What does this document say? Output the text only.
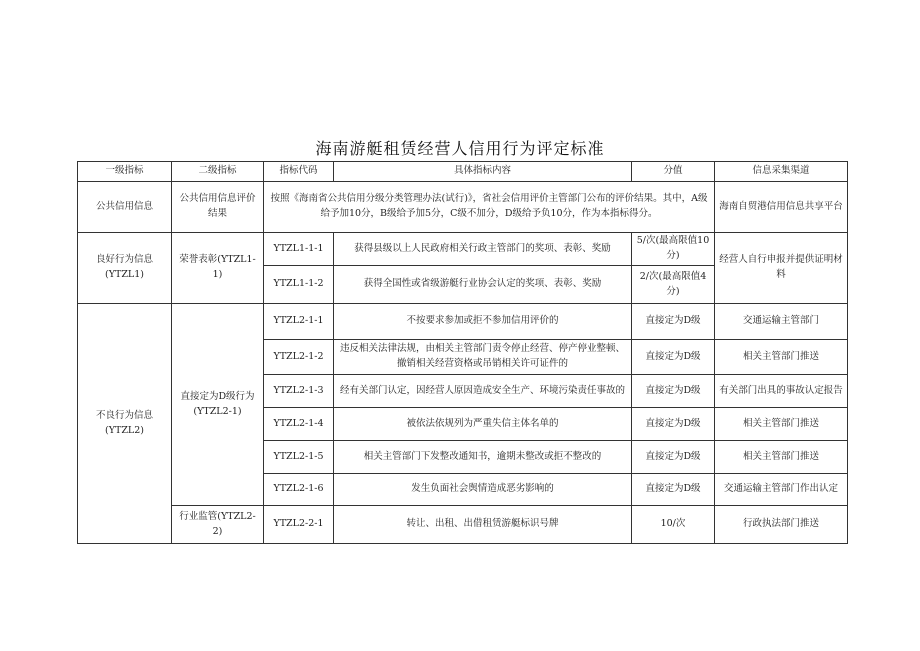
海南游艇租赁经营人信用行为评定标准
一级指标	二级指标	指标代码	具体指标内容	分值	信息采集渠道
公共信用信息	公共信用信息评价结果	按照《海南省公共信用分级分类管理办法(试行)》，省社会信用评价主管部门公布的评价结果。其中，A级给予加10分，B级给予加5分，C级不加分，D级给予负10分，作为本指标得分。			海南自贸港信用信息共享平台
良好行为信息(YTZL1)	荣誉表彰(YTZL1-1)	YTZL1-1-1	获得县级以上人民政府相关行政主管部门的奖项、表彰、奖励	5/次(最高限值10分)	经营人自行申报并提供证明材料
		YTZL1-1-2	获得全国性或省级游艇行业协会认定的奖项、表彰、奖励	2/次(最高限值4分)	
不良行为信息(YTZL2)	直接定为D级行为(YTZL2-1)	YTZL2-1-1	不按要求参加或拒不参加信用评价的	直接定为D级	交通运输主管部门
		YTZL2-1-2	违反相关法律法规，由相关主管部门责令停止经营、停产停业整顿、撤销相关经营资格或吊销相关许可证件的	直接定为D级	相关主管部门推送
		YTZL2-1-3	经有关部门认定，因经营人原因造成安全生产、环境污染责任事故的	直接定为D级	有关部门出具的事故认定报告
		YTZL2-1-4	被依法依规列为严重失信主体名单的	直接定为D级	相关主管部门推送
		YTZL2-1-5	相关主管部门下发整改通知书，逾期未整改或拒不整改的	直接定为D级	相关主管部门推送
		YTZL2-1-6	发生负面社会舆情造成恶劣影响的	直接定为D级	交通运输主管部门作出认定
	行业监管(YTZL2-2)	YTZL2-2-1	转让、出租、出借租赁游艇标识号牌	10/次	行政执法部门推送
